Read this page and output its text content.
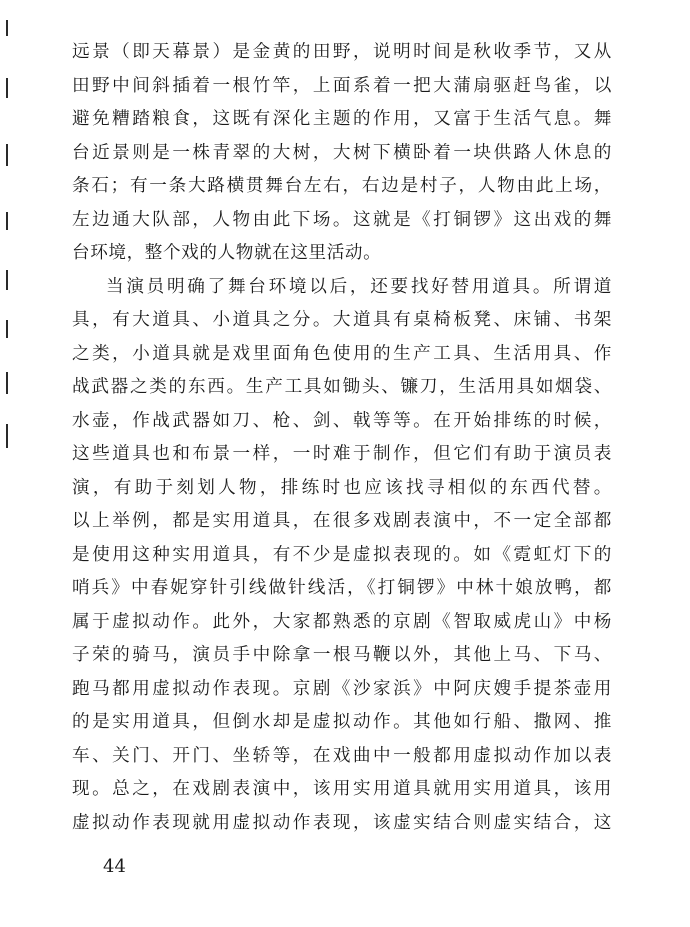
远景（即天幕景）是金黄的田野，说明时间是秋收季节，又从
田野中间斜插着一根竹竿，上面系着一把大蒲扇驱赶鸟雀，以
避免糟踏粮食，这既有深化主题的作用，又富于生活气息。舞
台近景则是一株青翠的大树，大树下横卧着一块供路人休息的
条石；有一条大路横贯舞台左右，右边是村子，人物由此上场，
左边通大队部，人物由此下场。这就是《打铜锣》这出戏的舞
台环境，整个戏的人物就在这里活动。
当演员明确了舞台环境以后，还要找好替用道具。所谓道
具，有大道具、小道具之分。大道具有桌椅板凳、床铺、书架
之类，小道具就是戏里面角色使用的生产工具、生活用具、作
战武器之类的东西。生产工具如锄头、镰刀，生活用具如烟袋、
水壶，作战武器如刀、枪、剑、戟等等。在开始排练的时候，
这些道具也和布景一样，一时难于制作，但它们有助于演员表
演，有助于刻划人物，排练时也应该找寻相似的东西代替。
以上举例，都是实用道具，在很多戏剧表演中，不一定全部都
是使用这种实用道具，有不少是虚拟表现的。如《霓虹灯下的
哨兵》中春妮穿针引线做针线活，《打铜锣》中林十娘放鸭，都
属于虚拟动作。此外，大家都熟悉的京剧《智取威虎山》中杨
子荣的骑马，演员手中除拿一根马鞭以外，其他上马、下马、
跑马都用虚拟动作表现。京剧《沙家浜》中阿庆嫂手提茶壶用
的是实用道具，但倒水却是虚拟动作。其他如行船、撒网、推
车、关门、开门、坐轿等，在戏曲中一般都用虚拟动作加以表
现。总之，在戏剧表演中，该用实用道具就用实用道具，该用
虚拟动作表现就用虚拟动作表现，该虚实结合则虚实结合，这
44
